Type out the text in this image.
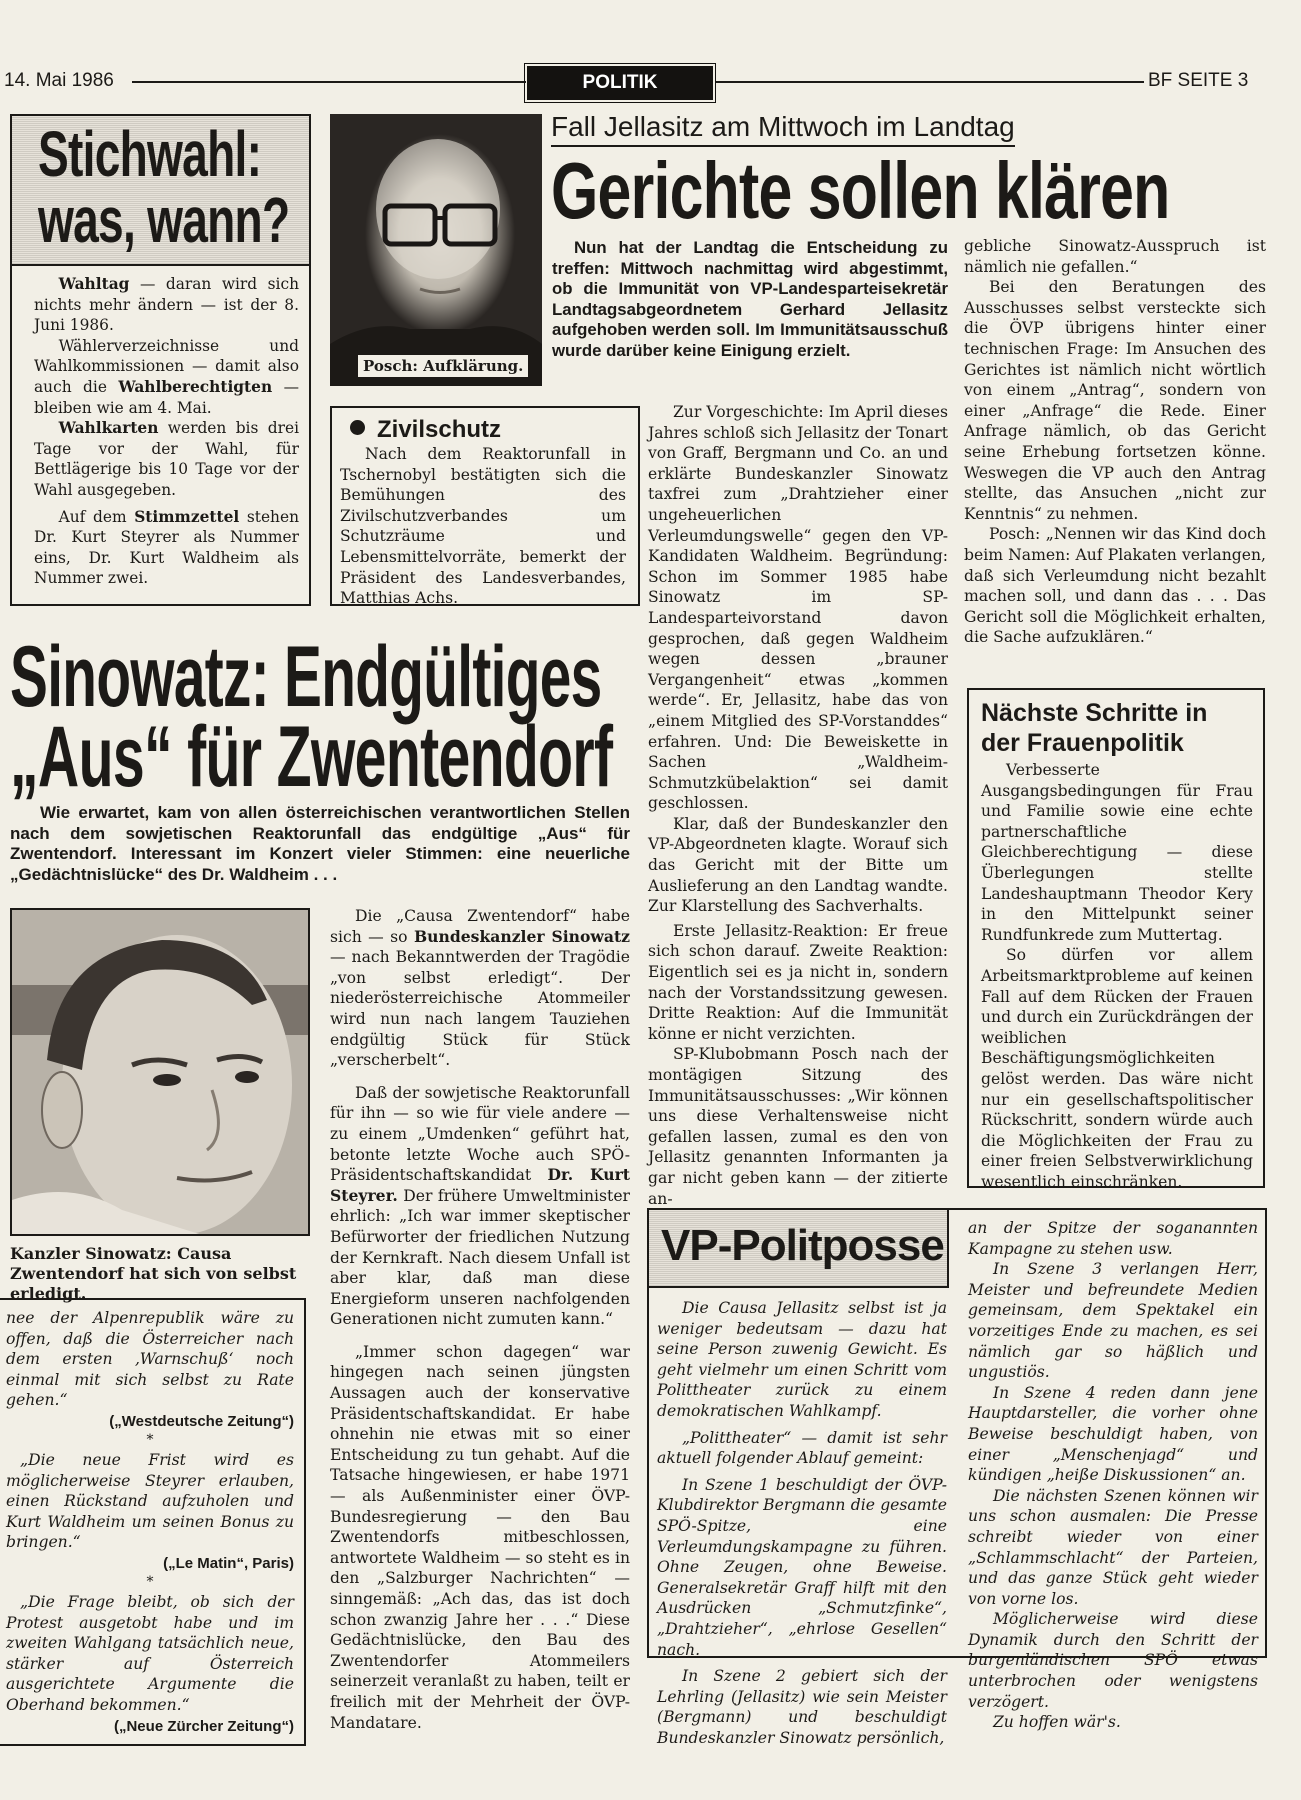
14. Mai 1986	POLITIK	BF SEITE 3
Stichwahl:
was, wann?

Wahltag — daran wird sich nichts mehr ändern — ist der 8. Juni 1986.

Wählerverzeichnisse und Wahlkommissionen — damit also auch die Wahlberechtigten — bleiben wie am 4. Mai.

Wahlkarten werden bis drei Tage vor der Wahl, für Bettlägerige bis 10 Tage vor der Wahl ausgegeben.

Auf dem Stimmzettel stehen Dr. Kurt Steyrer als Nummer eins, Dr. Kurt Waldheim als Nummer zwei.

Posch: Aufklärung.
Fall Jellasitz am Mittwoch im Landtag
Gerichte sollen klären
Nun hat der Landtag die Entscheidung zu treffen: Mittwoch nachmittag wird abgestimmt, ob die Immunität von VP-Landesparteisekretär Landtagsabgeordnetem Gerhard Jellasitz aufgehoben werden soll. Im Immunitätsausschuß wurde darüber keine Einigung erzielt.

Zur Vorgeschichte: Im April dieses Jahres schloß sich Jellasitz der Tonart von Graff, Bergmann und Co. an und erklärte Bundeskanzler Sinowatz taxfrei zum „Drahtzieher einer ungeheuerlichen Verleumdungswelle“ gegen den VP-Kandidaten Waldheim. Begründung: Schon im Sommer 1985 habe Sinowatz im SP-Landesparteivorstand davon gesprochen, daß gegen Waldheim wegen dessen „brauner Vergangenheit“ etwas „kommen werde“. Er, Jellasitz, habe das von „einem Mitglied des SP-Vorstanddes“ erfahren. Und: Die Beweiskette in Sachen „Waldheim-Schmutzkübelaktion“ sei damit geschlossen.

Klar, daß der Bundeskanzler den VP-Abgeordneten klagte. Worauf sich das Gericht mit der Bitte um Auslieferung an den Landtag wandte. Zur Klarstellung des Sachverhalts.

Erste Jellasitz-Reaktion: Er freue sich schon darauf. Zweite Reaktion: Eigentlich sei es ja nicht in, sondern nach der Vorstandssitzung gewesen. Dritte Reaktion: Auf die Immunität könne er nicht verzichten.

SP-Klubobmann Posch nach der montägigen Sitzung des Immunitätsausschusses: „Wir können uns diese Verhaltensweise nicht gefallen lassen, zumal es den von Jellasitz genannten Informanten ja gar nicht geben kann — der zitierte an-

gebliche Sinowatz-Ausspruch ist nämlich nie gefallen.“

Bei den Beratungen des Ausschusses selbst versteckte sich die ÖVP übrigens hinter einer technischen Frage: Im Ansuchen des Gerichtes ist nämlich nicht wörtlich von einem „Antrag“, sondern von einer „Anfrage“ die Rede. Einer Anfrage nämlich, ob das Gericht seine Erhebung fortsetzen könne. Weswegen die VP auch den Antrag stellte, das Ansuchen „nicht zur Kenntnis“ zu nehmen.

Posch: „Nennen wir das Kind doch beim Namen: Auf Plakaten verlangen, daß sich Verleumdung nicht bezahlt machen soll, und dann das . . . Das Gericht soll die Möglichkeit erhalten, die Sache aufzuklären.“

Zivilschutz

Nach dem Reaktorunfall in Tschernobyl bestätigten sich die Bemühungen des Zivilschutzverbandes um Schutzräume und Lebensmittelvorräte, bemerkt der Präsident des Landesverbandes, Matthias Achs.

Sinowatz: Endgültiges
„Aus“ für Zwentendorf
Wie erwartet, kam von allen österreichischen verantwortlichen Stellen nach dem sowjetischen Reaktorunfall das endgültige „Aus“ für Zwentendorf. Interessant im Konzert vieler Stimmen: eine neuerliche „Gedächtnislücke“ des Dr. Waldheim . . .
Kanzler Sinowatz: Causa Zwentendorf hat sich von selbst erledigt.

Die „Causa Zwentendorf“ habe sich — so Bundeskanzler Sinowatz — nach Bekanntwerden der Tragödie „von selbst erledigt“. Der niederösterreichische Atommeiler wird nun nach langem Tauziehen endgültig Stück für Stück „verscherbelt“.

Daß der sowjetische Reaktorunfall für ihn — so wie für viele andere — zu einem „Umdenken“ geführt hat, betonte letzte Woche auch SPÖ-Präsidentschaftskandidat Dr. Kurt Steyrer. Der frühere Umweltminister ehrlich: „Ich war immer skeptischer Befürworter der friedlichen Nutzung der Kernkraft. Nach diesem Unfall ist aber klar, daß man diese Energieform unseren nachfolgenden Generationen nicht zumuten kann.“

„Immer schon dagegen“ war hingegen nach seinen jüngsten Aussagen auch der konservative Präsidentschaftskandidat. Er habe ohnehin nie etwas mit so einer Entscheidung zu tun gehabt. Auf die Tatsache hingewiesen, er habe 1971 — als Außenminister einer ÖVP-Bundesregierung — den Bau Zwentendorfs mitbeschlossen, antwortete Waldheim — so steht es in den „Salzburger Nachrichten“ — sinngemäß: „Ach das, das ist doch schon zwanzig Jahre her . . .“ Diese Gedächtnislücke, den Bau des Zwentendorfer Atommeilers seinerzeit veranlaßt zu haben, teilt er freilich mit der Mehrheit der ÖVP-Mandatare.

nee der Alpenrepublik wäre zu offen, daß die Österreicher nach dem ersten ‚Warnschuß‘ noch einmal mit sich selbst zu Rate gehen.“

(„Westdeutsche Zeitung“)

*

„Die neue Frist wird es möglicherweise Steyrer erlauben, einen Rückstand aufzuholen und Kurt Waldheim um seinen Bonus zu bringen.“

(„Le Matin“, Paris)

*

„Die Frage bleibt, ob sich der Protest ausgetobt habe und im zweiten Wahlgang tatsächlich neue, stärker auf Österreich ausgerichtete Argumente die Oberhand bekommen.“

(„Neue Zürcher Zeitung“)

Nächste Schritte in der Frauenpolitik

Verbesserte Ausgangsbedingungen für Frau und Familie sowie eine echte partnerschaftliche Gleichberechtigung — diese Überlegungen stellte Landeshauptmann Theodor Kery in den Mittelpunkt seiner Rundfunkrede zum Muttertag.

So dürfen vor allem Arbeitsmarktprobleme auf keinen Fall auf dem Rücken der Frauen und durch ein Zurückdrängen der weiblichen Beschäftigungsmöglichkeiten gelöst werden. Das wäre nicht nur ein gesellschaftspolitischer Rückschritt, sondern würde auch die Möglichkeiten der Frau zu einer freien Selbstverwirklichung wesentlich einschränken.

VP-Politposse

Die Causa Jellasitz selbst ist ja weniger bedeutsam — dazu hat seine Person zuwenig Gewicht. Es geht vielmehr um einen Schritt vom Polittheater zurück zu einem demokratischen Wahlkampf.

„Polittheater“ — damit ist sehr aktuell folgender Ablauf gemeint:

In Szene 1 beschuldigt der ÖVP-Klubdirektor Bergmann die gesamte SPÖ-Spitze, eine Verleumdungskampagne zu führen. Ohne Zeugen, ohne Beweise. Generalsekretär Graff hilft mit den Ausdrücken „Schmutzfinke“, „Drahtzieher“, „ehrlose Gesellen“ nach.

In Szene 2 gebiert sich der Lehrling (Jellasitz) wie sein Meister (Bergmann) und beschuldigt Bundeskanzler Sinowatz persönlich,

an der Spitze der soganannten Kampagne zu stehen usw.

In Szene 3 verlangen Herr, Meister und befreundete Medien gemeinsam, dem Spektakel ein vorzeitiges Ende zu machen, es sei nämlich gar so häßlich und ungustiös.

In Szene 4 reden dann jene Hauptdarsteller, die vorher ohne Beweise beschuldigt haben, von einer „Menschenjagd“ und kündigen „heiße Diskussionen“ an.

Die nächsten Szenen können wir uns schon ausmalen: Die Presse schreibt wieder von einer „Schlammschlacht“ der Parteien, und das ganze Stück geht wieder von vorne los.

Möglicherweise wird diese Dynamik durch den Schritt der burgenländischen SPÖ etwas unterbrochen oder wenigstens verzögert.

Zu hoffen wär's.
